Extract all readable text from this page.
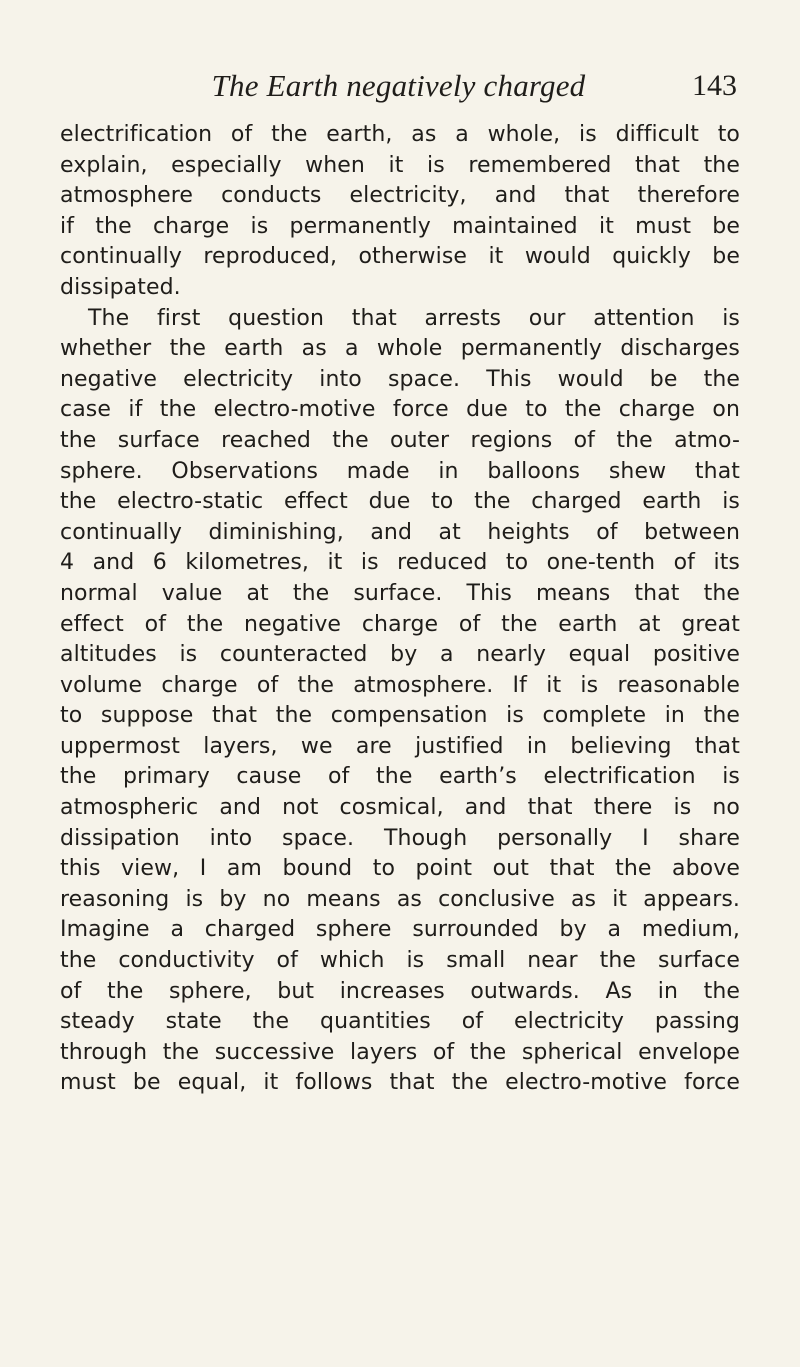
The Earth negatively charged	143
electrification of the earth, as a whole, is difficult to
explain, especially when it is remembered that the
atmosphere conducts electricity, and that therefore
if the charge is permanently maintained it must be
continually reproduced, otherwise it would quickly be
dissipated.
The first question that arrests our attention is
whether the earth as a whole permanently discharges
negative electricity into space. This would be the
case if the electro-motive force due to the charge on
the surface reached the outer regions of the atmo-
sphere. Observations made in balloons shew that
the electro-static effect due to the charged earth is
continually diminishing, and at heights of between
4 and 6 kilometres, it is reduced to one-tenth of its
normal value at the surface. This means that the
effect of the negative charge of the earth at great
altitudes is counteracted by a nearly equal positive
volume charge of the atmosphere. If it is reasonable
to suppose that the compensation is complete in the
uppermost layers, we are justified in believing that
the primary cause of the earth’s electrification is
atmospheric and not cosmical, and that there is no
dissipation into space. Though personally I share
this view, I am bound to point out that the above
reasoning is by no means as conclusive as it appears.
Imagine a charged sphere surrounded by a medium,
the conductivity of which is small near the surface
of the sphere, but increases outwards. As in the
steady state the quantities of electricity passing
through the successive layers of the spherical envelope
must be equal, it follows that the electro-motive force
